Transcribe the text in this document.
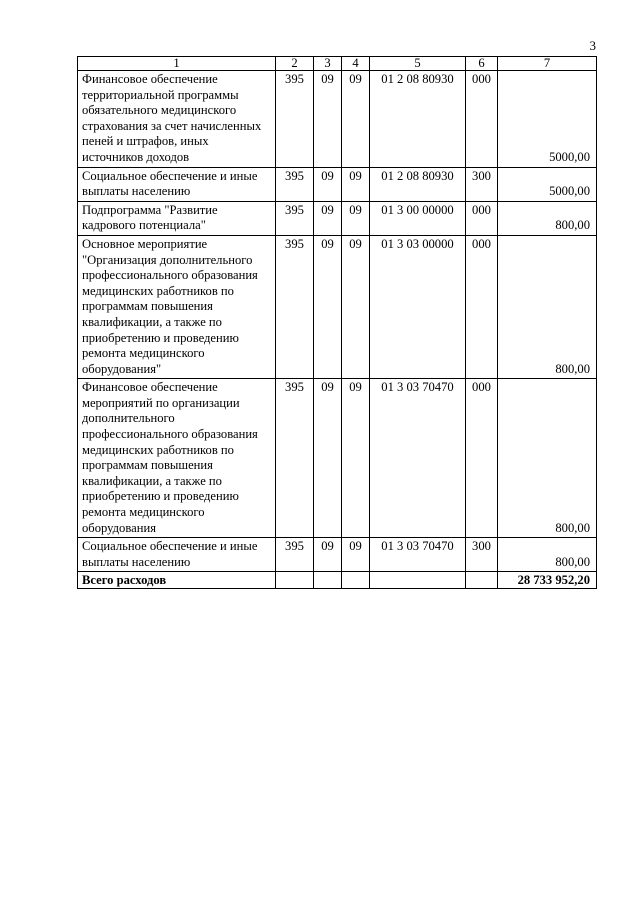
3
1	2	3	4	5	6	7
Финансовое обеспечение территориальной программы обязательного медицинского страхования за счет начисленных пеней и штрафов, иных источников доходов	395	09	09	01 2 08 80930	000	5000,00
Социальное обеспечение и иные выплаты населению	395	09	09	01 2 08 80930	300	5000,00
Подпрограмма "Развитие кадрового потенциала"	395	09	09	01 3 00 00000	000	800,00
Основное мероприятие "Организация дополнительного профессионального образования медицинских работников по программам повышения квалификации, а также по приобретению и проведению ремонта медицинского оборудования"	395	09	09	01 3 03 00000	000	800,00
Финансовое обеспечение мероприятий по организации дополнительного профессионального образования медицинских работников по программам повышения квалификации, а также по приобретению и проведению ремонта медицинского оборудования	395	09	09	01 3 03 70470	000	800,00
Социальное обеспечение и иные выплаты населению	395	09	09	01 3 03 70470	300	800,00
Всего расходов						28 733 952,20
